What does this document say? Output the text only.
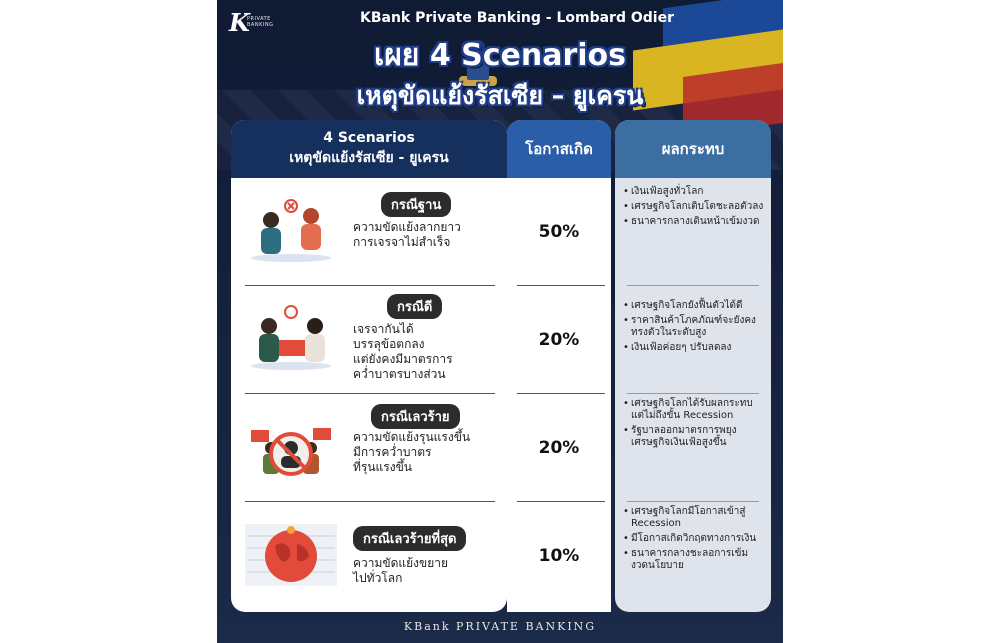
K
PRIVATE BANKING	KBank Private Banking - Lombard Odier
เผย 4 Scenarios
เหตุขัดแย้งรัสเซีย – ยูเครน
4 Scenarios
เหตุขัดแย้งรัสเซีย - ยูเครน	โอกาสเกิด	ผลกระทบ
กรณีฐาน
ความขัดแย้งลากยาว
การเจรจาไม่สำเร็จ	50%
• เงินเฟ้อสูงทั่วโลก
• เศรษฐกิจโลกเติบโตชะลอตัวลง
• ธนาคารกลางเดินหน้าเข้มงวด
กรณีดี
เจรจากันได้
บรรลุข้อตกลง
แต่ยังคงมีมาตรการ
คว่ำบาตรบางส่วน
20%
• เศรษฐกิจโลกยังฟื้นตัวได้ดี
• ราคาสินค้าโภคภัณฑ์จะยังคงทรงตัวในระดับสูง
• เงินเฟ้อค่อยๆ ปรับลดลง
กรณีเลวร้าย
ความขัดแย้งรุนแรงขึ้น
มีการคว่ำบาตร
ที่รุนแรงขึ้น
20%
• เศรษฐกิจโลกได้รับผลกระทบแต่ไม่ถึงขั้น Recession
• รัฐบาลออกมาตรการพยุงเศรษฐกิจเงินเฟ้อสูงขึ้น
กรณีเลวร้ายที่สุด
ความขัดแย้งขยาย
ไปทั่วโลก
10%
• เศรษฐกิจโลกมีโอกาสเข้าสู่ Recession
• มีโอกาสเกิดวิกฤตทางการเงิน
• ธนาคารกลางชะลอการเข้มงวดนโยบาย
KBank PRIVATE BANKING
